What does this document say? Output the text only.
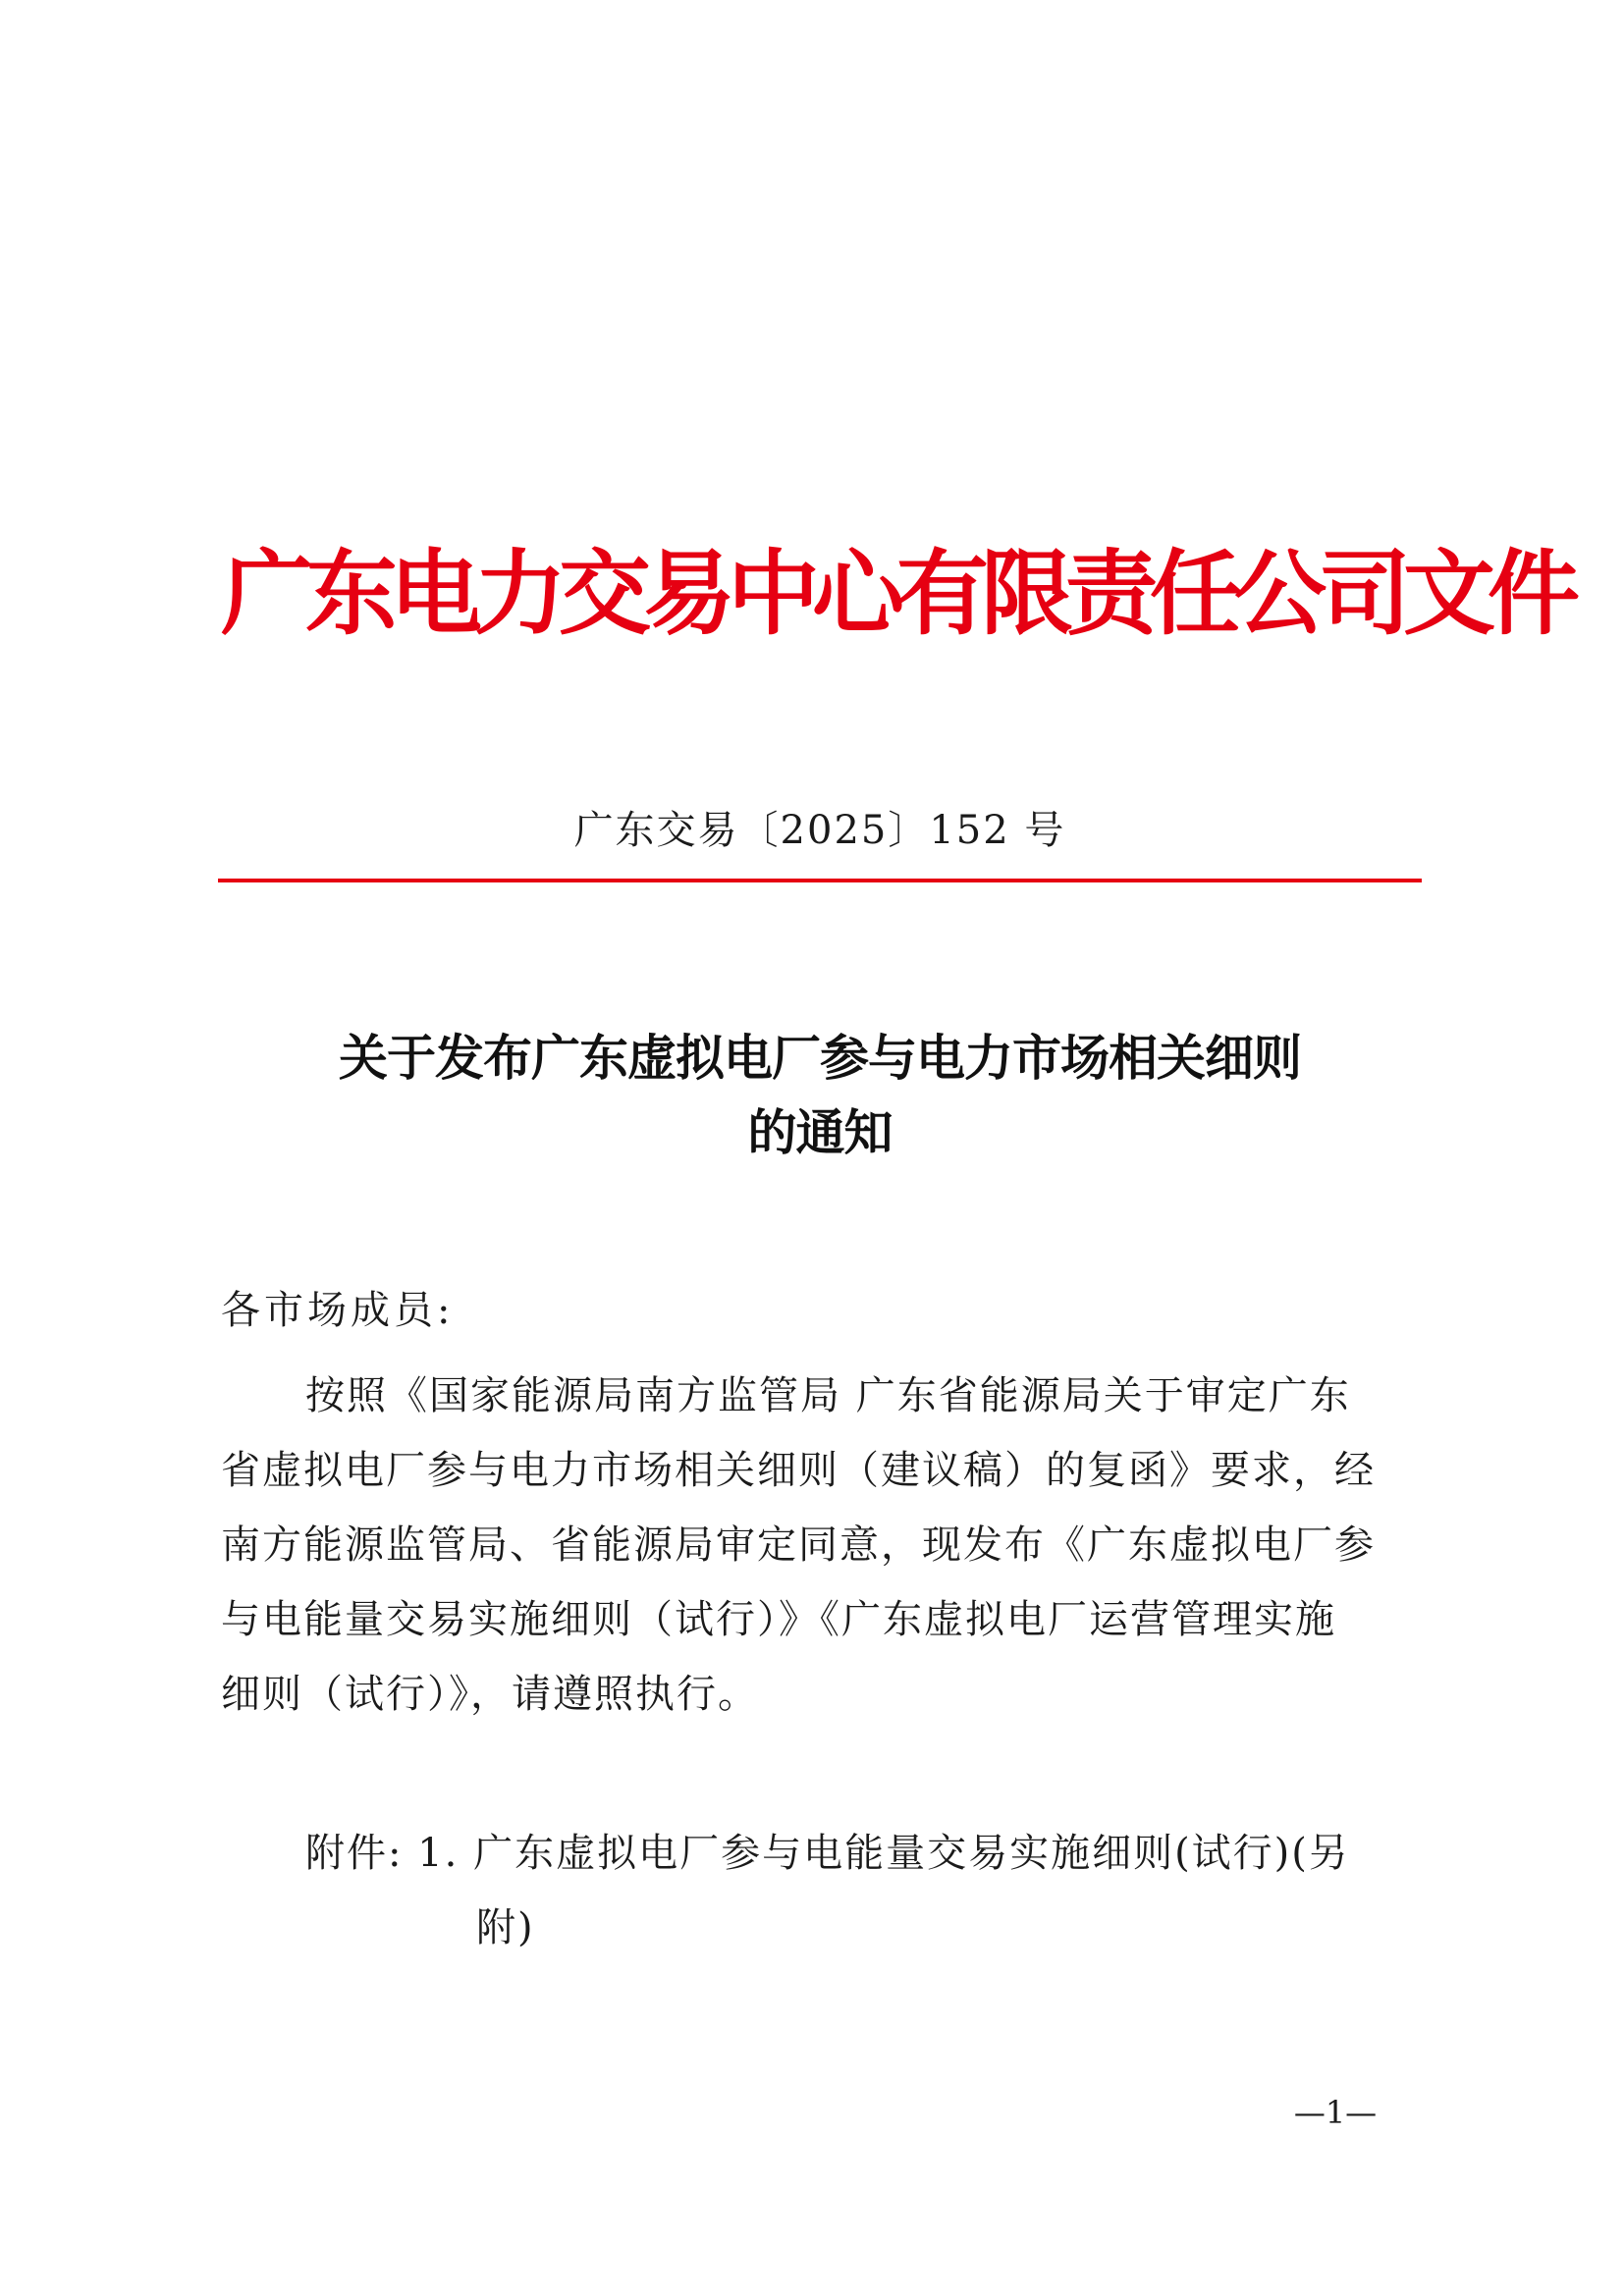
广东电力交易中心有限责任公司文件
广东交易〔2025〕152 号
关于发布广东虚拟电厂参与电力市场相关细则
的通知
各市场成员:
按照《国家能源局南方监管局 广东省能源局关于审定广东
省虚拟电厂参与电力市场相关细则（建议稿）的复函》要求，经
南方能源监管局、省能源局审定同意，现发布《广东虚拟电厂参
与电能量交易实施细则（试行）》《广东虚拟电厂运营管理实施
细则（试行）》，请遵照执行。
附件: 1. 广东虚拟电厂参与电能量交易实施细则(试行)(另
附)
—1—
